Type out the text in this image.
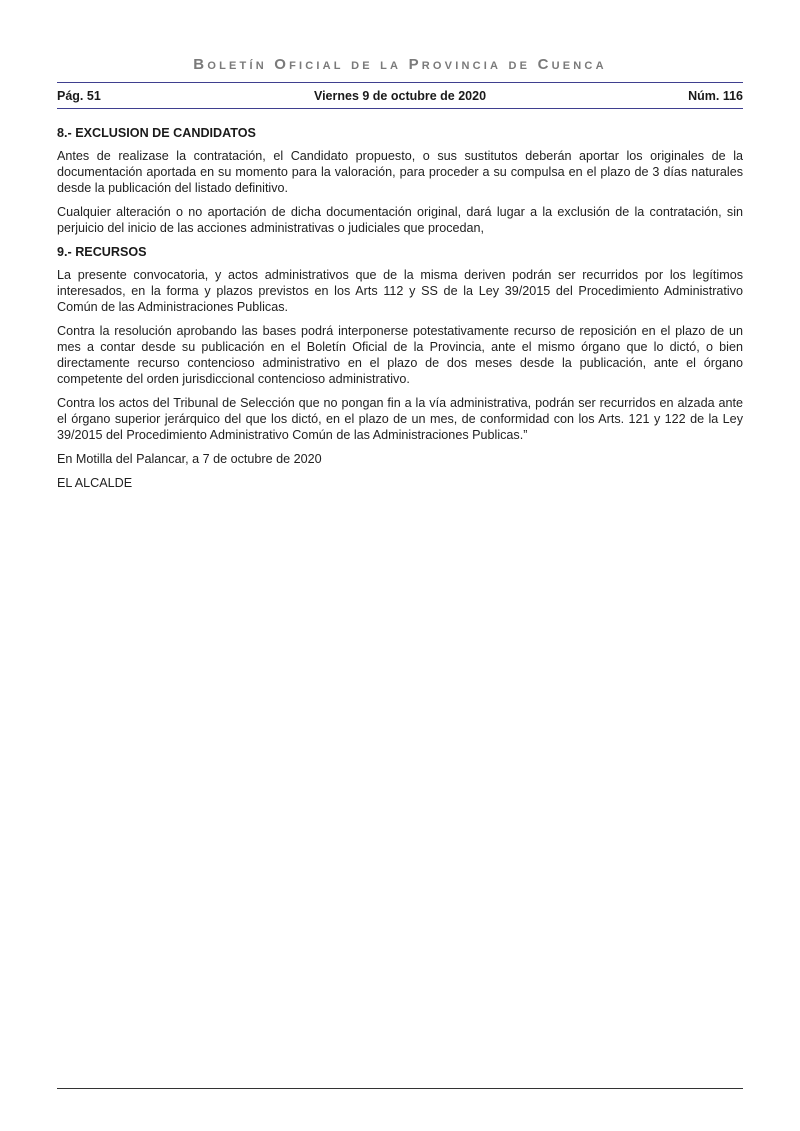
Boletín Oficial de la Provincia de Cuenca
Viernes 9 de octubre de 2020
Pág. 51	Núm. 116
8.- EXCLUSION DE CANDIDATOS

Antes de realizase la contratación, el Candidato propuesto, o sus sustitutos deberán aportar los originales de la documentación aportada en su momento para la valoración, para proceder a su compulsa en el plazo de 3 días naturales desde la publicación del listado definitivo.

Cualquier alteración o no aportación de dicha documentación original, dará lugar a la exclusión de la contratación, sin perjuicio del inicio de las acciones administrativas o judiciales que procedan,

9.- RECURSOS

La presente convocatoria, y actos administrativos que de la misma deriven podrán ser recurridos por los legítimos interesados, en la forma y plazos previstos en los Arts 112 y SS de la Ley 39/2015 del Procedimiento Administrativo Común de las Administraciones Publicas.

Contra la resolución aprobando las bases podrá interponerse potestativamente recurso de reposición en el plazo de un mes a contar desde su publicación en el Boletín Oficial de la Provincia, ante el mismo órgano que lo dictó, o bien directamente recurso contencioso administrativo en el plazo de dos meses desde la publicación, ante el órgano competente del orden jurisdiccional contencioso administrativo.

Contra los actos del Tribunal de Selección que no pongan fin a la vía administrativa, podrán ser recurridos en alzada ante el órgano superior jerárquico del que los dictó, en el plazo de un mes, de conformidad con los Arts. 121 y 122 de la Ley 39/2015 del Procedimiento Administrativo Común de las Administraciones Publicas.”

En Motilla del Palancar, a 7 de octubre de 2020

EL ALCALDE
